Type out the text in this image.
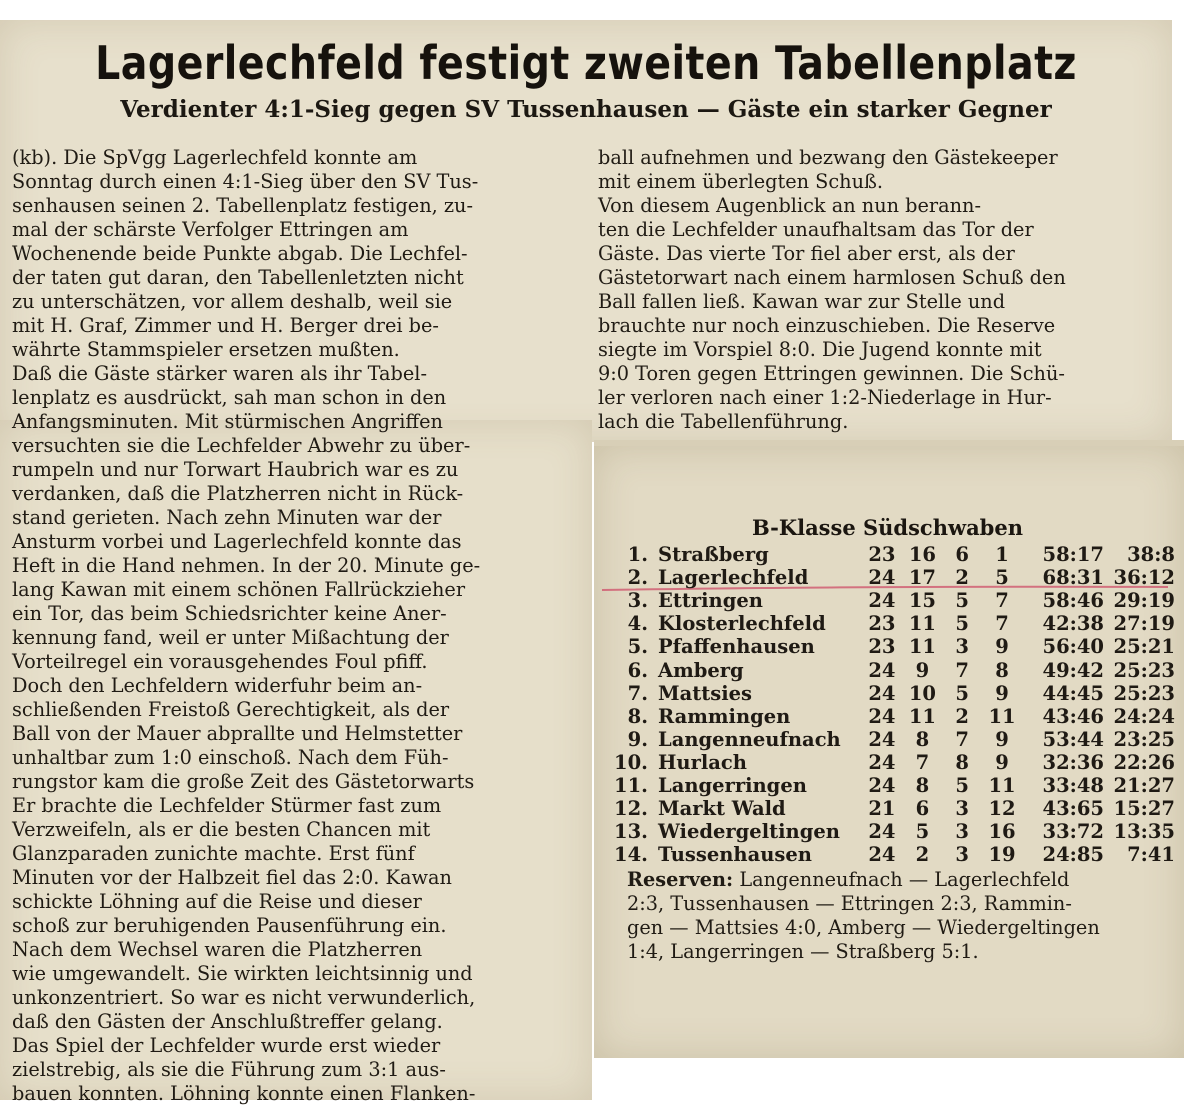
Lagerlechfeld festigt zweiten Tabellenplatz
Verdienter 4:1-Sieg gegen SV Tussenhausen — Gäste ein starker Gegner
(kb). Die SpVgg Lagerlechfeld konnte am
Sonntag durch einen 4:1-Sieg über den SV Tus-
senhausen seinen 2. Tabellenplatz festigen, zu-
mal der schärste Verfolger Ettringen am
Wochenende beide Punkte abgab. Die Lechfel-
der taten gut daran, den Tabellenletzten nicht
zu unterschätzen, vor allem deshalb, weil sie
mit H. Graf, Zimmer und H. Berger drei be-
währte Stammspieler ersetzen mußten.
Daß die Gäste stärker waren als ihr Tabel-
lenplatz es ausdrückt, sah man schon in den
Anfangsminuten. Mit stürmischen Angriffen
versuchten sie die Lechfelder Abwehr zu über-
rumpeln und nur Torwart Haubrich war es zu
verdanken, daß die Platzherren nicht in Rück-
stand gerieten. Nach zehn Minuten war der
Ansturm vorbei und Lagerlechfeld konnte das
Heft in die Hand nehmen. In der 20. Minute ge-
lang Kawan mit einem schönen Fallrückzieher
ein Tor, das beim Schiedsrichter keine Aner-
kennung fand, weil er unter Mißachtung der
Vorteilregel ein vorausgehendes Foul pfiff.
Doch den Lechfeldern widerfuhr beim an-
schließenden Freistoß Gerechtigkeit, als der
Ball von der Mauer abprallte und Helmstetter
unhaltbar zum 1:0 einschoß. Nach dem Füh-
rungstor kam die große Zeit des Gästetorwarts
Er brachte die Lechfelder Stürmer fast zum
Verzweifeln, als er die besten Chancen mit
Glanzparaden zunichte machte. Erst fünf
Minuten vor der Halbzeit fiel das 2:0. Kawan
schickte Löhning auf die Reise und dieser
schoß zur beruhigenden Pausenführung ein.
Nach dem Wechsel waren die Platzherren
wie umgewandelt. Sie wirkten leichtsinnig und
unkonzentriert. So war es nicht verwunderlich,
daß den Gästen der Anschlußtreffer gelang.
Das Spiel der Lechfelder wurde erst wieder
zielstrebig, als sie die Führung zum 3:1 aus-
bauen konnten. Löhning konnte einen Flanken-
ball aufnehmen und bezwang den Gästekeeper
mit einem überlegten Schuß.
Von diesem Augenblick an nun berann-
ten die Lechfelder unaufhaltsam das Tor der
Gäste. Das vierte Tor fiel aber erst, als der
Gästetorwart nach einem harmlosen Schuß den
Ball fallen ließ. Kawan war zur Stelle und
brauchte nur noch einzuschieben. Die Reserve
siegte im Vorspiel 8:0. Die Jugend konnte mit
9:0 Toren gegen Ettringen gewinnen. Die Schü-
ler verloren nach einer 1:2-Niederlage in Hur-
lach die Tabellenführung.
B-Klasse Südschwaben
1.	Straßberg	23	16	6	1	58:17	38:8
2.	Lagerlechfeld	24	17	2	5	68:31	36:12
3.	Ettringen	24	15	5	7	58:46	29:19
4.	Klosterlechfeld	23	11	5	7	42:38	27:19
5.	Pfaffenhausen	23	11	3	9	56:40	25:21
6.	Amberg	24	9	7	8	49:42	25:23
7.	Mattsies	24	10	5	9	44:45	25:23
8.	Rammingen	24	11	2	11	43:46	24:24
9.	Langenneufnach	24	8	7	9	53:44	23:25
10.	Hurlach	24	7	8	9	32:36	22:26
11.	Langerringen	24	8	5	11	33:48	21:27
12.	Markt Wald	21	6	3	12	43:65	15:27
13.	Wiedergeltingen	24	5	3	16	33:72	13:35
14.	Tussenhausen	24	2	3	19	24:85	7:41
Reserven: Langenneufnach — Lagerlechfeld
2:3, Tussenhausen — Ettringen 2:3, Rammin-
gen — Mattsies 4:0, Amberg — Wiedergeltingen
1:4, Langerringen — Straßberg 5:1.
